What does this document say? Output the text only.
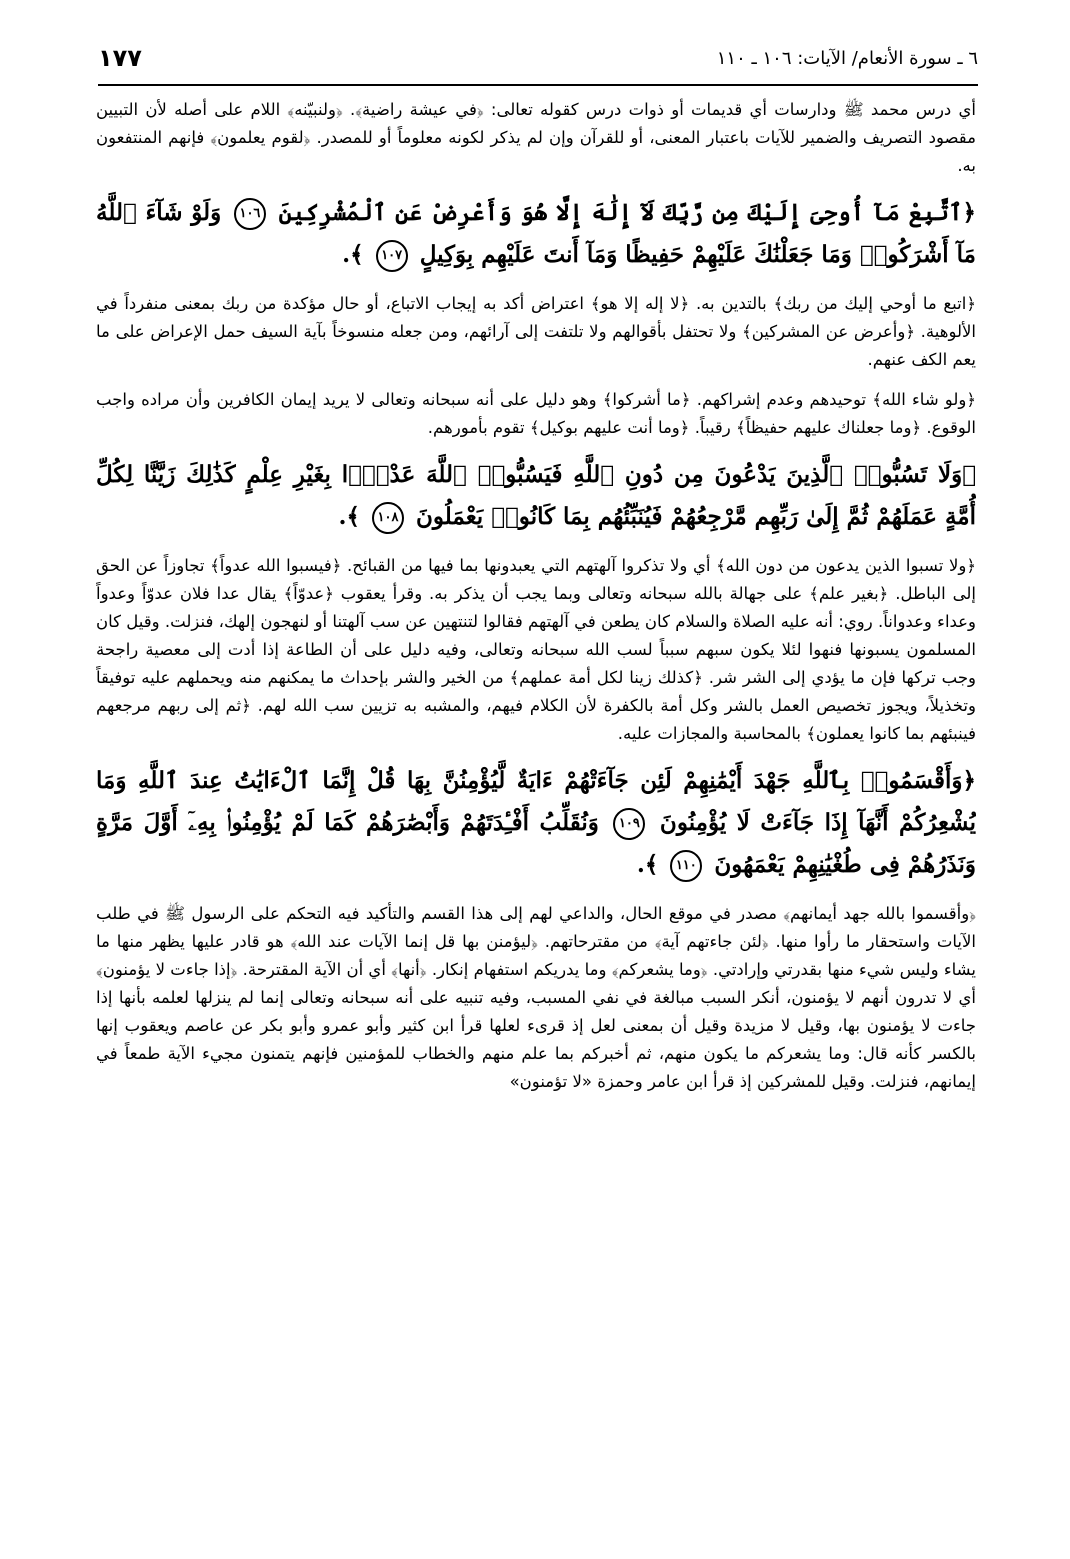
١٧٧	٦ ـ سورة الأنعام/ الآيات: ١٠٦ ـ ١١٠

أي درس محمد ﷺ ودارسات أي قديمات أو ذوات درس كقوله تعالى: ﴿في عيشة راضية﴾. ﴿ولنبيّنه﴾ اللام على أصله لأن التبيين مقصود التصريف والضمير للآيات باعتبار المعنى، أو للقرآن وإن لم يذكر لكونه معلوماً أو للمصدر. ﴿لقوم يعلمون﴾ فإنهم المنتفعون به.

﴿ٱتَّبِعْ مَآ أُوحِىَ إِلَيْكَ مِن رَّبِّكَ لَآ إِلَٰهَ إِلَّا هُوَ وَأَعْرِضْ عَنِ ٱلْمُشْرِكِينَ ١٠٦ وَلَوْ شَآءَ ٱللَّهُ مَآ أَشْرَكُوا۟ وَمَا جَعَلْنَٰكَ عَلَيْهِمْ حَفِيظًا وَمَآ أَنتَ عَلَيْهِم بِوَكِيلٍ ١٠٧ ﴾.

﴿اتبع ما أوحي إليك من ربك﴾ بالتدين به. ﴿لا إله إلا هو﴾ اعتراض أكد به إيجاب الاتباع، أو حال مؤكدة من ربك بمعنى منفرداً في الألوهية. ﴿وأعرض عن المشركين﴾ ولا تحتفل بأقوالهم ولا تلتفت إلى آرائهم، ومن جعله منسوخاً بآية السيف حمل الإعراض على ما يعم الكف عنهم.

﴿ولو شاء الله﴾ توحيدهم وعدم إشراكهم. ﴿ما أشركوا﴾ وهو دليل على أنه سبحانه وتعالى لا يريد إيمان الكافرين وأن مراده واجب الوقوع. ﴿وما جعلناك عليهم حفيظاً﴾ رقيباً. ﴿وما أنت عليهم بوكيل﴾ تقوم بأمورهم.

﴿وَلَا تَسُبُّوا۟ ٱلَّذِينَ يَدْعُونَ مِن دُونِ ٱللَّهِ فَيَسُبُّوا۟ ٱللَّهَ عَدْوًۢا بِغَيْرِ عِلْمٍ كَذَٰلِكَ زَيَّنَّا لِكُلِّ أُمَّةٍ عَمَلَهُمْ ثُمَّ إِلَىٰ رَبِّهِم مَّرْجِعُهُمْ فَيُنَبِّئُهُم بِمَا كَانُوا۟ يَعْمَلُونَ ١٠٨ ﴾.

﴿ولا تسبوا الذين يدعون من دون الله﴾ أي ولا تذكروا آلهتهم التي يعبدونها بما فيها من القبائح. ﴿فيسبوا الله عدواً﴾ تجاوزاً عن الحق إلى الباطل. ﴿بغير علم﴾ على جهالة بالله سبحانه وتعالى وبما يجب أن يذكر به. وقرأ يعقوب ﴿عدوّاً﴾ يقال عدا فلان عدوّاً وعدواً وعداء وعدواناً. روي: أنه عليه الصلاة والسلام كان يطعن في آلهتهم فقالوا لتنتهين عن سب آلهتنا أو لنهجون إلهك، فنزلت. وقيل كان المسلمون يسبونها فنهوا لئلا يكون سبهم سبباً لسب الله سبحانه وتعالى، وفيه دليل على أن الطاعة إذا أدت إلى معصية راجحة وجب تركها فإن ما يؤدي إلى الشر شر. ﴿كذلك زينا لكل أمة عملهم﴾ من الخير والشر بإحداث ما يمكنهم منه ويحملهم عليه توفيقاً وتخذيلاً، ويجوز تخصيص العمل بالشر وكل أمة بالكفرة لأن الكلام فيهم، والمشبه به تزيين سب الله لهم. ﴿ثم إلى ربهم مرجعهم فينبئهم بما كانوا يعملون﴾ بالمحاسبة والمجازات عليه.

﴿وَأَقْسَمُوا۟ بِٱللَّهِ جَهْدَ أَيْمَٰنِهِمْ لَئِن جَآءَتْهُمْ ءَايَةٌ لَّيُؤْمِنُنَّ بِهَا قُلْ إِنَّمَا ٱلْءَايَٰتُ عِندَ ٱللَّهِ وَمَا يُشْعِرُكُمْ أَنَّهَآ إِذَا جَآءَتْ لَا يُؤْمِنُونَ ١٠٩ وَنُقَلِّبُ أَفْـِٔدَتَهُمْ وَأَبْصَٰرَهُمْ كَمَا لَمْ يُؤْمِنُوا۟ بِهِۦٓ أَوَّلَ مَرَّةٍ وَنَذَرُهُمْ فِى طُغْيَٰنِهِمْ يَعْمَهُونَ ١١٠ ﴾.

﴿وأقسموا بالله جهد أيمانهم﴾ مصدر في موقع الحال، والداعي لهم إلى هذا القسم والتأكيد فيه التحكم على الرسول ﷺ في طلب الآيات واستحقار ما رأوا منها. ﴿لئن جاءتهم آية﴾ من مقترحاتهم. ﴿ليؤمنن بها قل إنما الآيات عند الله﴾ هو قادر عليها يظهر منها ما يشاء وليس شيء منها بقدرتي وإرادتي. ﴿وما يشعركم﴾ وما يدريكم استفهام إنكار. ﴿أنها﴾ أي أن الآية المقترحة. ﴿إذا جاءت لا يؤمنون﴾ أي لا تدرون أنهم لا يؤمنون، أنكر السبب مبالغة في نفي المسبب، وفيه تنبيه على أنه سبحانه وتعالى إنما لم ينزلها لعلمه بأنها إذا جاءت لا يؤمنون بها، وقيل لا مزيدة وقيل أن بمعنى لعل إذ قرىء لعلها قرأ ابن كثير وأبو عمرو وأبو بكر عن عاصم ويعقوب إنها بالكسر كأنه قال: وما يشعركم ما يكون منهم، ثم أخبركم بما علم منهم والخطاب للمؤمنين فإنهم يتمنون مجيء الآية طمعاً في إيمانهم، فنزلت. وقيل للمشركين إذ قرأ ابن عامر وحمزة «لا تؤمنون»
